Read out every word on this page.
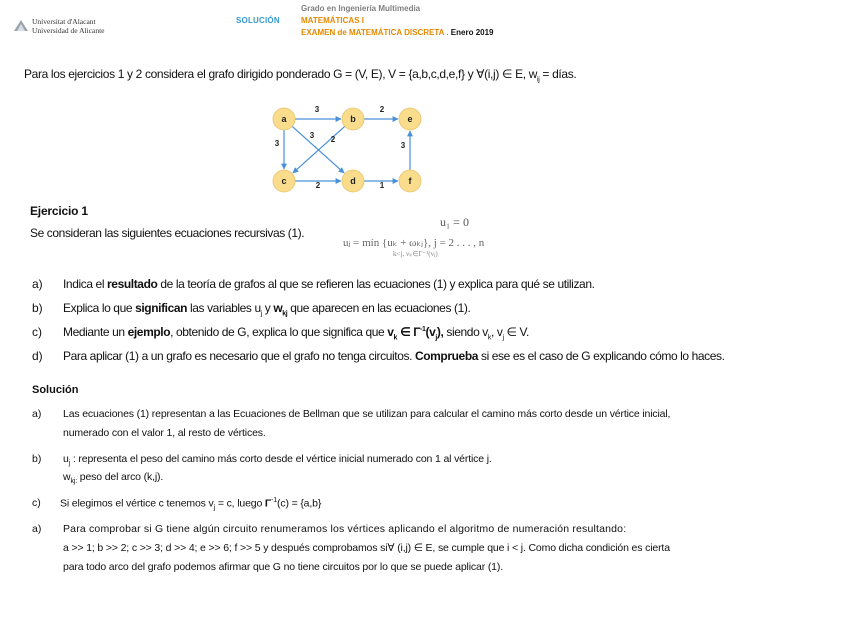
Universitat d'Alacant
Universidad de Alicante
SOLUCIÓN
Grado en Ingeniería Multimedia
MATEMÁTICAS I
EXAMEN de MATEMÁTICA DISCRETA . Enero 2019
Para los ejercicios 1 y 2 considera el grafo dirigido ponderado G = (V, E), V = {a,b,c,d,e,f} y ∀(i,j) ∈ E, $w_{ij}$ = días.
3	2
3
3 2
2	1
3
a	b	e
c	d	f
Ejercicio 1
Se consideran las siguientes ecuaciones recursivas (1).
u₁ = 0
uⱼ = mín {uₖ + ωₖⱼ}, j = 2 . . . , n
k<j, vₖ∈Γ⁻¹(vⱼ)
a) Indica el resultado de la teoría de grafos al que se refieren las ecuaciones (1) y explica para qué se utilizan.
b) Explica lo que significan las variables $u_j$ y $w_{kj}$ que aparecen en las ecuaciones (1).
c) Mediante un ejemplo, obtenido de G, explica lo que significa que $v_k$ ∈ $\Gamma^{-1}(v_j)$, siendo $v_k$, $v_j$ ∈ V.
d) Para aplicar (1) a un grafo es necesario que el grafo no tenga circuitos. Comprueba si ese es el caso de G explicando cómo lo haces.
Solución
a) Las ecuaciones (1) representan a las Ecuaciones de Bellman que se utilizan para calcular el camino más corto desde un vértice inicial,
numerado con el valor 1, al resto de vértices.
b) $u_j$ : representa el peso del camino más corto desde el vértice inicial numerado con 1 al vértice j.
$w_{kj:}$ peso del arco (k,j).
c) Si elegimos el vértice c tenemos $v_j = c$, luego $\Gamma^{-1}(c) = \{a,b\}$
a) Para comprobar si G tiene algún circuito renumeramos los vértices aplicando el algoritmo de numeración resultando:
a >> 1; b >> 2; c >> 3; d >> 4; e >> 6; f >> 5 y después comprobamos si∀ (i,j) ∈ E, se cumple que i < j. Como dicha condición es cierta
para todo arco del grafo podemos afirmar que G no tiene circuitos por lo que se puede aplicar (1).
